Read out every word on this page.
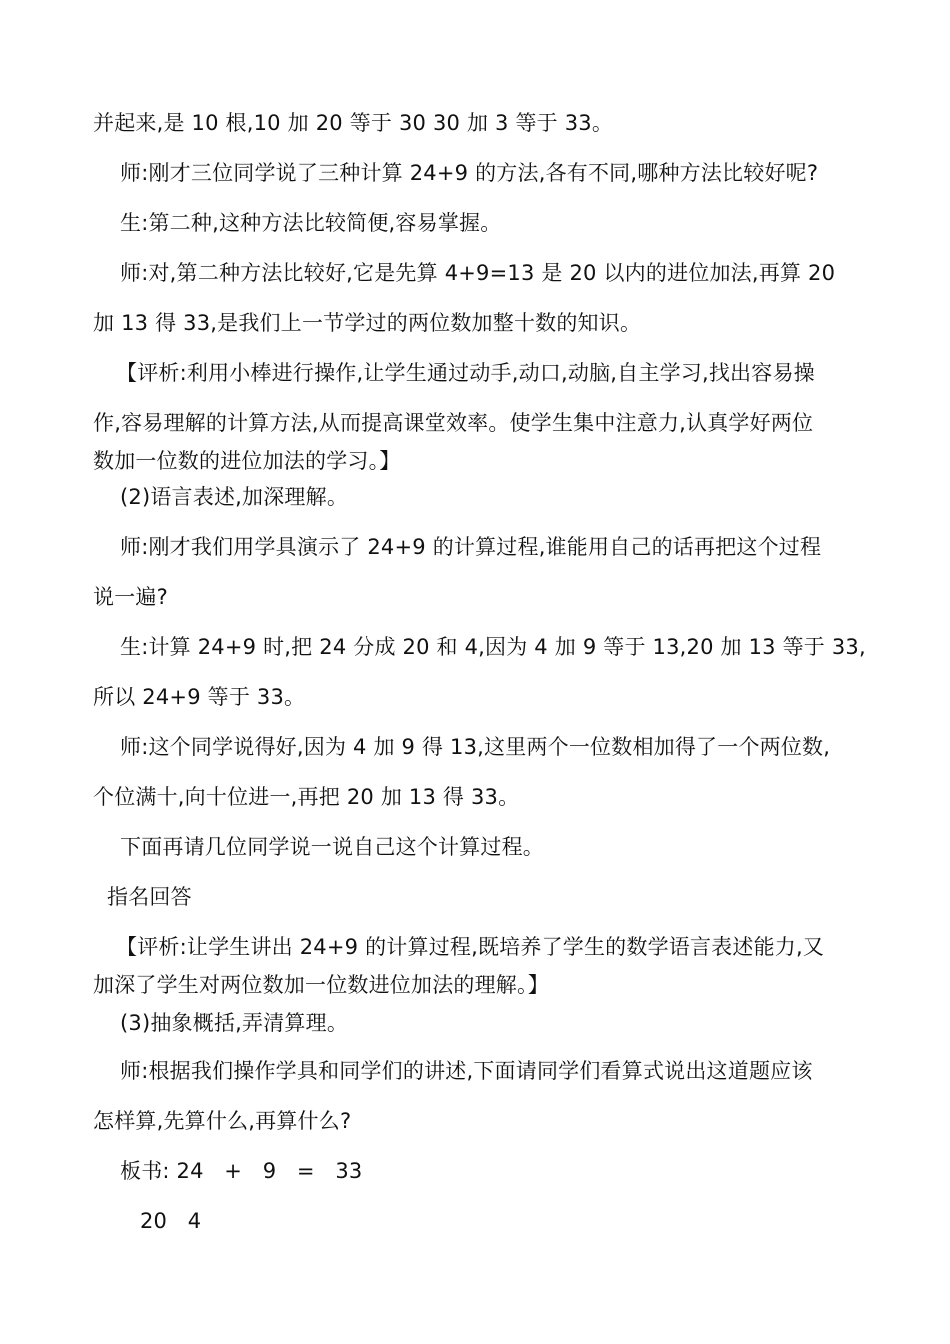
并起来,是 10 根,10 加 20 等于 30 30 加 3 等于 33。
师:刚才三位同学说了三种计算 24+9 的方法,各有不同,哪种方法比较好呢?
生:第二种,这种方法比较简便,容易掌握。
师:对,第二种方法比较好,它是先算 4+9=13 是 20 以内的进位加法,再算 20
加 13 得 33,是我们上一节学过的两位数加整十数的知识。
【评析:利用小棒进行操作,让学生通过动手,动口,动脑,自主学习,找出容易操
作,容易理解的计算方法,从而提高课堂效率。使学生集中注意力,认真学好两位
数加一位数的进位加法的学习。】
(2)语言表述,加深理解。
师:刚才我们用学具演示了 24+9 的计算过程,谁能用自己的话再把这个过程
说一遍?
生:计算 24+9 时,把 24 分成 20 和 4,因为 4 加 9 等于 13,20 加 13 等于 33,
所以 24+9 等于 33。
师:这个同学说得好,因为 4 加 9 得 13,这里两个一位数相加得了一个两位数,
个位满十,向十位进一,再把 20 加 13 得 33。
下面再请几位同学说一说自己这个计算过程。
指名回答
【评析:让学生讲出 24+9 的计算过程,既培养了学生的数学语言表述能力,又
加深了学生对两位数加一位数进位加法的理解。】
(3)抽象概括,弄清算理。
师:根据我们操作学具和同学们的讲述,下面请同学们看算式说出这道题应该
怎样算,先算什么,再算什么?
板书: 24   +   9   =   33
20   4
